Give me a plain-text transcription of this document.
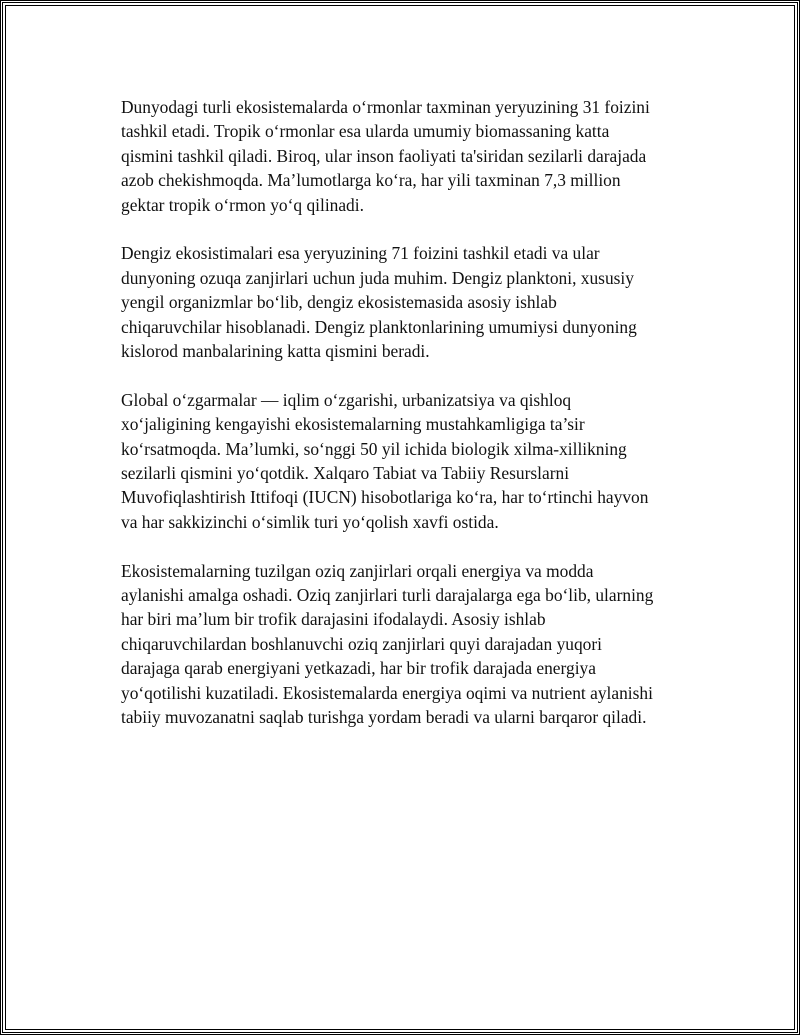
Dunyodagi turli ekosistemalarda o‘rmonlar taxminan yeryuzining 31 foizini
tashkil etadi. Tropik o‘rmonlar esa ularda umumiy biomassaning katta
qismini tashkil qiladi. Biroq, ular inson faoliyati ta'siridan sezilarli darajada
azob chekishmoqda. Ma’lumotlarga ko‘ra, har yili taxminan 7,3 million
gektar tropik o‘rmon yo‘q qilinadi.

Dengiz ekosistimalari esa yeryuzining 71 foizini tashkil etadi va ular
dunyoning ozuqa zanjirlari uchun juda muhim. Dengiz planktoni, xususiy
yengil organizmlar bo‘lib, dengiz ekosistemasida asosiy ishlab
chiqaruvchilar hisoblanadi. Dengiz planktonlarining umumiysi dunyoning
kislorod manbalarining katta qismini beradi.

Global o‘zgarmalar — iqlim o‘zgarishi, urbanizatsiya va qishloq
xo‘jaligining kengayishi ekosistemalarning mustahkamligiga ta’sir
ko‘rsatmoqda. Ma’lumki, so‘nggi 50 yil ichida biologik xilma-xillikning
sezilarli qismini yo‘qotdik. Xalqaro Tabiat va Tabiiy Resurslarni
Muvofiqlashtirish Ittifoqi (IUCN) hisobotlariga ko‘ra, har to‘rtinchi hayvon
va har sakkizinchi o‘simlik turi yo‘qolish xavfi ostida.

Ekosistemalarning tuzilgan oziq zanjirlari orqali energiya va modda
aylanishi amalga oshadi. Oziq zanjirlari turli darajalarga ega bo‘lib, ularning
har biri ma’lum bir trofik darajasini ifodalaydi. Asosiy ishlab
chiqaruvchilardan boshlanuvchi oziq zanjirlari quyi darajadan yuqori
darajaga qarab energiyani yetkazadi, har bir trofik darajada energiya
yo‘qotilishi kuzatiladi. Ekosistemalarda energiya oqimi va nutrient aylanishi
tabiiy muvozanatni saqlab turishga yordam beradi va ularni barqaror qiladi.
